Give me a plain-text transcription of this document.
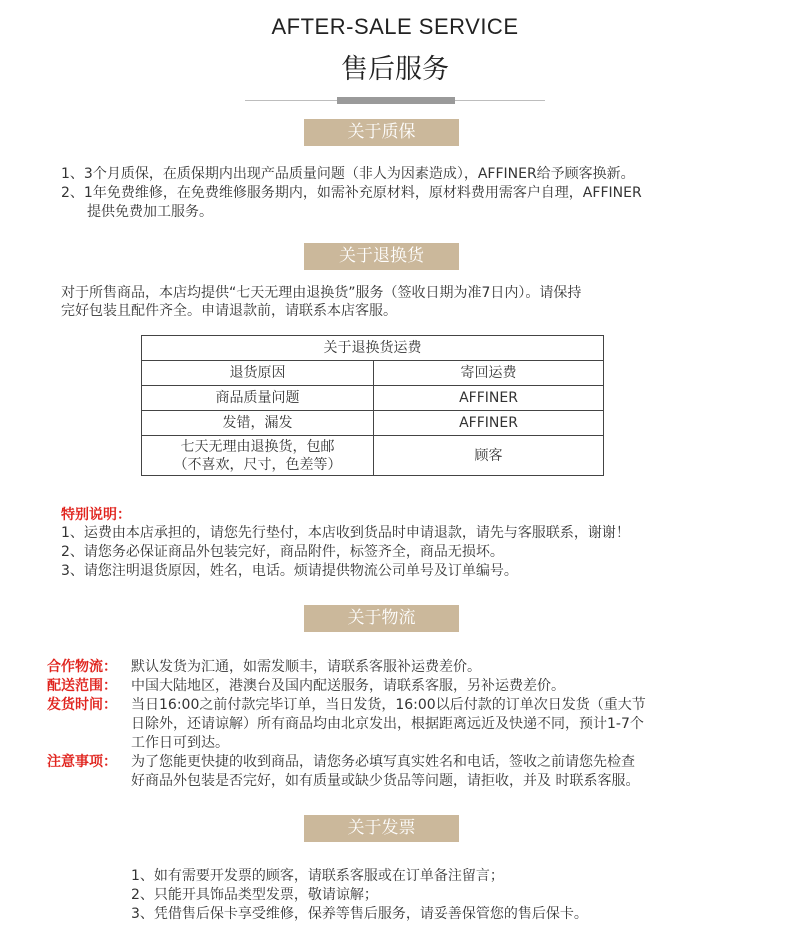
AFTER-SALE SERVICE
售后服务
关于质保
1、3个月质保，在质保期内出现产品质量问题（非人为因素造成），AFFINER给予顾客换新。
2、1年免费维修，在免费维修服务期内，如需补充原材料，原材料费用需客户自理，AFFINER
提供免费加工服务。
关于退换货
对于所售商品，本店均提供“七天无理由退换货”服务（签收日期为准7日内）。请保持
完好包装且配件齐全。申请退款前，请联系本店客服。
关于退换货运费	
退货原因	寄回运费
商品质量问题	AFFINER
发错，漏发	AFFINER

七天无理由退换货，包邮
（不喜欢，尺寸，色差等）	顾客
特别说明：
1、运费由本店承担的，请您先行垫付，本店收到货品时申请退款，请先与客服联系，谢谢！
2、请您务必保证商品外包装完好，商品附件，标签齐全，商品无损坏。
3、请您注明退货原因，姓名，电话。烦请提供物流公司单号及订单编号。
关于物流
合作物流： 默认发货为汇通，如需发顺丰，请联系客服补运费差价。
配送范围： 中国大陆地区，港澳台及国内配送服务，请联系客服，另补运费差价。
发货时间： 当日16:00之前付款完毕订单，当日发货，16:00以后付款的订单次日发货（重大节
日除外，还请谅解）所有商品均由北京发出，根据距离远近及快递不同，预计1-7个
工作日可到达。
注意事项： 为了您能更快捷的收到商品，请您务必填写真实姓名和电话，签收之前请您先检查
好商品外包装是否完好，如有质量或缺少货品等问题，请拒收，并及 时联系客服。
关于发票
1、如有需要开发票的顾客，请联系客服或在订单备注留言；
2、只能开具饰品类型发票，敬请谅解；
3、凭借售后保卡享受维修，保养等售后服务，请妥善保管您的售后保卡。
